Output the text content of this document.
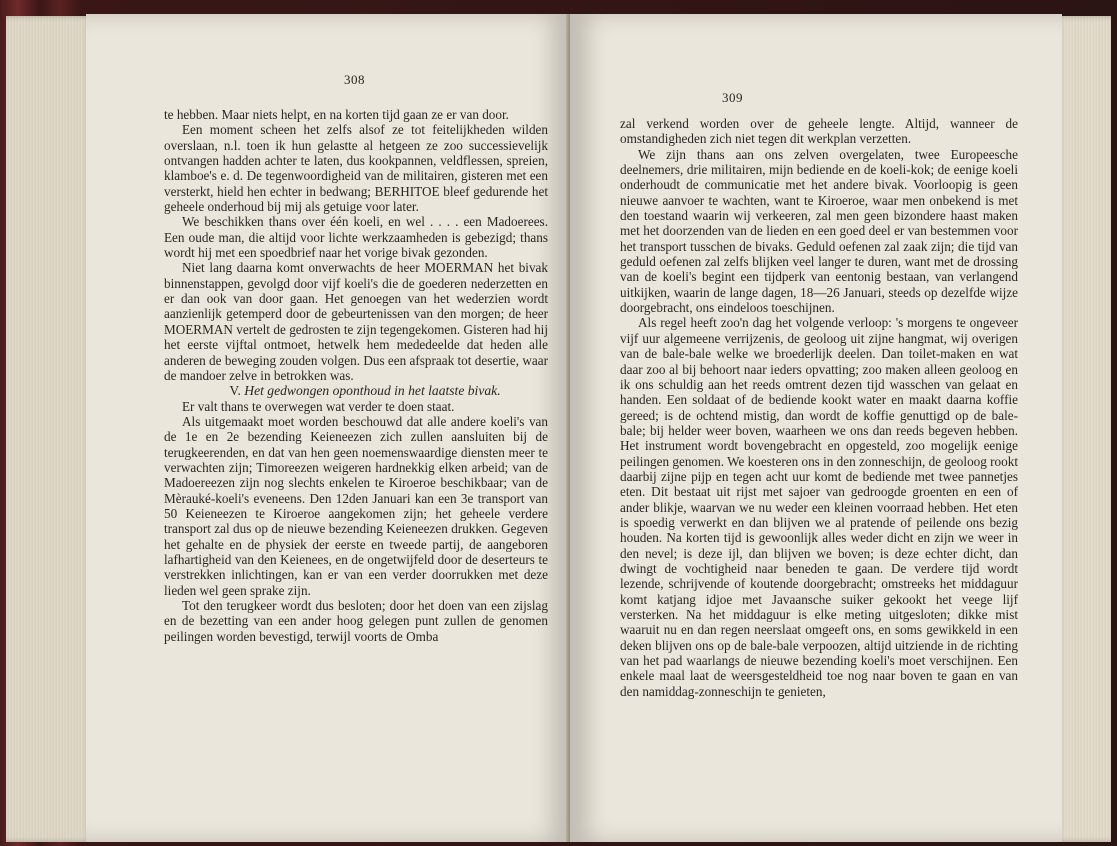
308

te hebben. Maar niets helpt, en na korten tijd gaan ze er van door.

Een moment scheen het zelfs alsof ze tot feitelijkheden wilden overslaan, n.l. toen ik hun gelastte al hetgeen ze zoo successievelijk ontvangen hadden achter te laten, dus kookpannen, veldflessen, spreien, klamboe's e. d. De tegenwoordigheid van de militairen, gisteren met een versterkt, hield hen echter in bedwang; BERHITOE bleef gedurende het geheele onderhoud bij mij als getuige voor later.

We beschikken thans over één koeli, en wel . . . . een Madoerees. Een oude man, die altijd voor lichte werkzaamheden is gebezigd; thans wordt hij met een spoedbrief naar het vorige bivak gezonden.

Niet lang daarna komt onverwachts de heer MOERMAN het bivak binnenstappen, gevolgd door vijf koeli's die de goederen nederzetten en er dan ook van door gaan. Het genoegen van het wederzien wordt aanzienlijk getemperd door de gebeurtenissen van den morgen; de heer MOERMAN vertelt de gedrosten te zijn tegengekomen. Gisteren had hij het eerste vijftal ontmoet, hetwelk hem mededeelde dat heden alle anderen de beweging zouden volgen. Dus een afspraak tot desertie, waar de mandoer zelve in betrokken was.

V. Het gedwongen oponthoud in het laatste bivak.

Er valt thans te overwegen wat verder te doen staat.

Als uitgemaakt moet worden beschouwd dat alle andere koeli's van de 1e en 2e bezending Keieneezen zich zullen aansluiten bij de terugkeerenden, en dat van hen geen noemenswaardige diensten meer te verwachten zijn; Timoreezen weigeren hardnekkig elken arbeid; van de Madoereezen zijn nog slechts enkelen te Kiroeroe beschikbaar; van de Mèrauké-koeli's eveneens. Den 12den Januari kan een 3e transport van 50 Keieneezen te Kiroeroe aangekomen zijn; het geheele verdere transport zal dus op de nieuwe bezending Keieneezen drukken. Gegeven het gehalte en de physiek der eerste en tweede partij, de aangeboren lafhartigheid van den Keienees, en de ongetwijfeld door de deserteurs te verstrekken inlichtingen, kan er van een verder doorrukken met deze lieden wel geen sprake zijn.

Tot den terugkeer wordt dus besloten; door het doen van een zijslag en de bezetting van een ander hoog gelegen punt zullen de genomen peilingen worden bevestigd, terwijl voorts de Omba

309

zal verkend worden over de geheele lengte. Altijd, wanneer de omstandigheden zich niet tegen dit werkplan verzetten.

We zijn thans aan ons zelven overgelaten, twee Europeesche deelnemers, drie militairen, mijn bediende en de koeli-kok; de eenige koeli onderhoudt de communicatie met het andere bivak. Voorloopig is geen nieuwe aanvoer te wachten, want te Kiroeroe, waar men onbekend is met den toestand waarin wij verkeeren, zal men geen bizondere haast maken met het doorzenden van de lieden en een goed deel er van bestemmen voor het transport tusschen de bivaks. Geduld oefenen zal zaak zijn; die tijd van geduld oefenen zal zelfs blijken veel langer te duren, want met de drossing van de koeli's begint een tijdperk van eentonig bestaan, van verlangend uitkijken, waarin de lange dagen, 18—26 Januari, steeds op dezelfde wijze doorgebracht, ons eindeloos toeschijnen.

Als regel heeft zoo'n dag het volgende verloop: 's morgens te ongeveer vijf uur algemeene verrijzenis, de geoloog uit zijne hangmat, wij overigen van de bale-bale welke we broederlijk deelen. Dan toilet-maken en wat daar zoo al bij behoort naar ieders opvatting; zoo maken alleen geoloog en ik ons schuldig aan het reeds omtrent dezen tijd wasschen van gelaat en handen. Een soldaat of de bediende kookt water en maakt daarna koffie gereed; is de ochtend mistig, dan wordt de koffie genuttigd op de bale-bale; bij helder weer boven, waarheen we ons dan reeds begeven hebben. Het instrument wordt bovengebracht en opgesteld, zoo mogelijk eenige peilingen genomen. We koesteren ons in den zonneschijn, de geoloog rookt daarbij zijne pijp en tegen acht uur komt de bediende met twee pannetjes eten. Dit bestaat uit rijst met sajoer van gedroogde groenten en een of ander blikje, waarvan we nu weder een kleinen voorraad hebben. Het eten is spoedig verwerkt en dan blijven we al pratende of peilende ons bezig houden. Na korten tijd is gewoonlijk alles weder dicht en zijn we weer in den nevel; is deze ijl, dan blijven we boven; is deze echter dicht, dan dwingt de vochtigheid naar beneden te gaan. De verdere tijd wordt lezende, schrijvende of koutende doorgebracht; omstreeks het middaguur komt katjang idjoe met Javaansche suiker gekookt het veege lijf versterken. Na het middaguur is elke meting uitgesloten; dikke mist waaruit nu en dan regen neerslaat omgeeft ons, en soms gewikkeld in een deken blijven ons op de bale-bale verpoozen, altijd uitziende in de richting van het pad waarlangs de nieuwe bezending koeli's moet verschijnen. Een enkele maal laat de weersgesteldheid toe nog naar boven te gaan en van den namiddag-zonneschijn te genieten,
